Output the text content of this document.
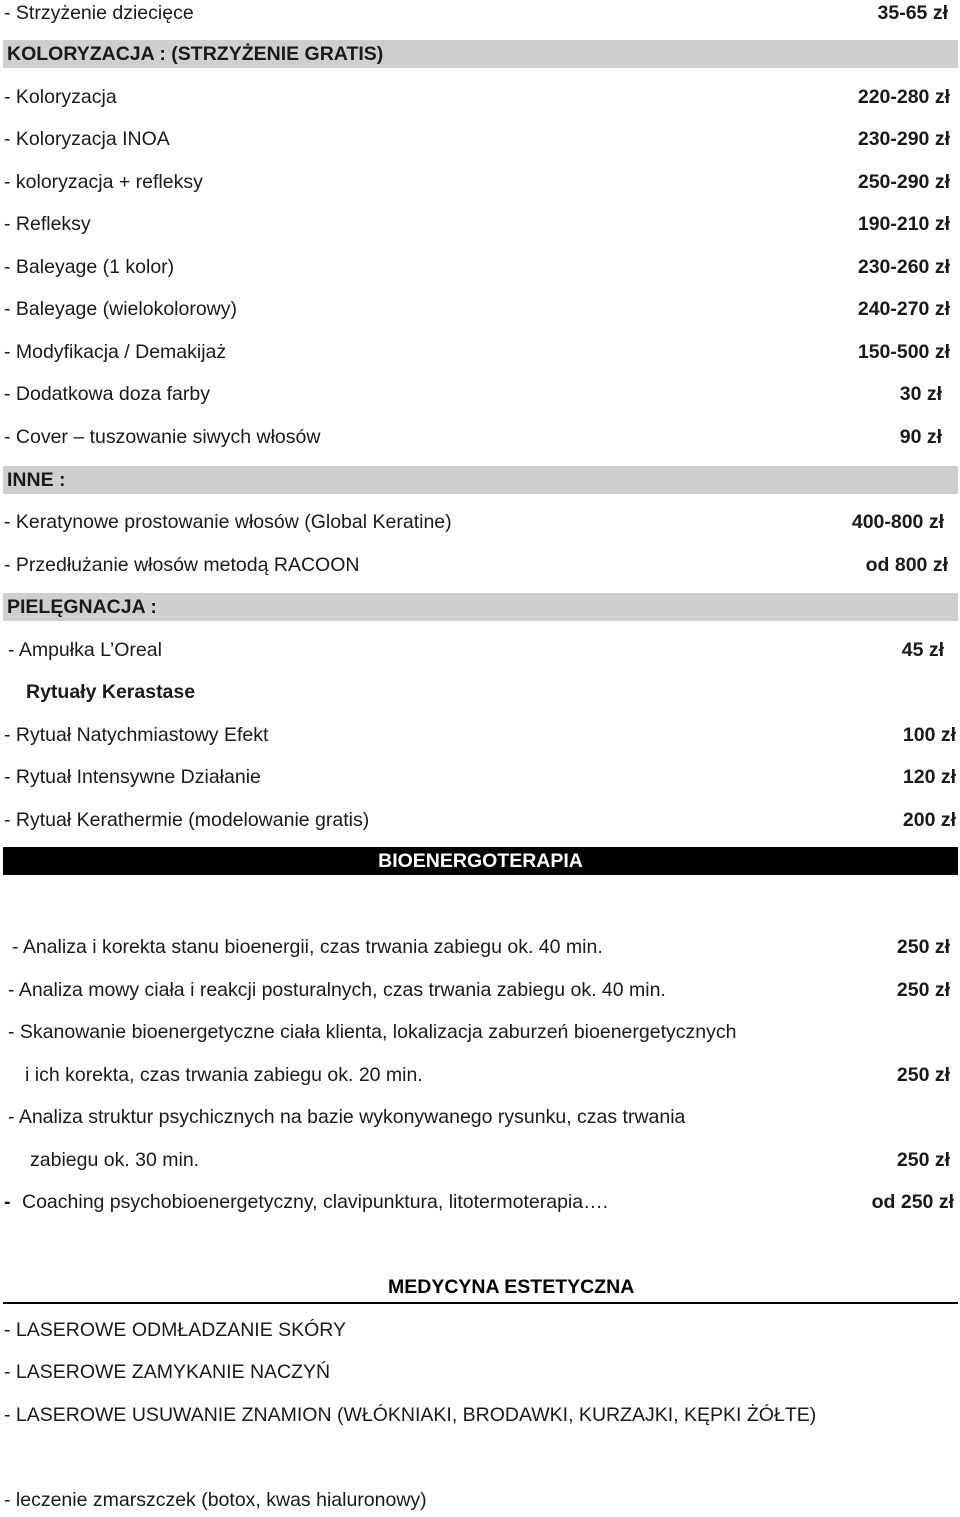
- Strzyżenie dziecięce	35-65 zł
KOLORYZACJA : (STRZYŻENIE GRATIS)
- Koloryzacja	220-280 zł
- Koloryzacja INOA	230-290 zł
- koloryzacja + refleksy	250-290 zł
- Refleksy	190-210 zł
- Baleyage (1 kolor)	230-260 zł
- Baleyage (wielokolorowy)	240-270 zł
- Modyfikacja / Demakijaż	150-500 zł
- Dodatkowa doza farby	30 zł
- Cover – tuszowanie siwych włosów	90 zł
INNE :
- Keratynowe prostowanie włosów (Global Keratine)	400-800 zł
- Przedłużanie włosów metodą RACOON	od 800 zł
PIELĘGNACJA :
- Ampułka L’Oreal	45 zł
Rytuały Kerastase
- Rytuał Natychmiastowy Efekt	100 zł
- Rytuał Intensywne Działanie	120 zł
- Rytuał Kerathermie (modelowanie gratis)	200 zł
BIOENERGOTERAPIA
- Analiza i korekta stanu bioenergii, czas trwania zabiegu ok. 40 min.	250 zł
- Analiza mowy ciała i reakcji posturalnych, czas trwania zabiegu ok. 40 min.	250 zł
- Skanowanie bioenergetyczne ciała klienta, lokalizacja zaburzeń bioenergetycznych
i ich korekta, czas trwania zabiegu ok. 20 min.	250 zł
- Analiza struktur psychicznych na bazie wykonywanego rysunku, czas trwania
zabiegu ok. 30 min.	250 zł
- Coaching psychobioenergetyczny, clavipunktura, litotermoterapia….	od 250 zł
MEDYCYNA ESTETYCZNA
- LASEROWE ODMŁADZANIE SKÓRY
- LASEROWE ZAMYKANIE NACZYŃ
- LASEROWE USUWANIE ZNAMION (WŁÓKNIAKI, BRODAWKI, KURZAJKI, KĘPKI ŻÓŁTE)
- leczenie zmarszczek (botox, kwas hialuronowy)
